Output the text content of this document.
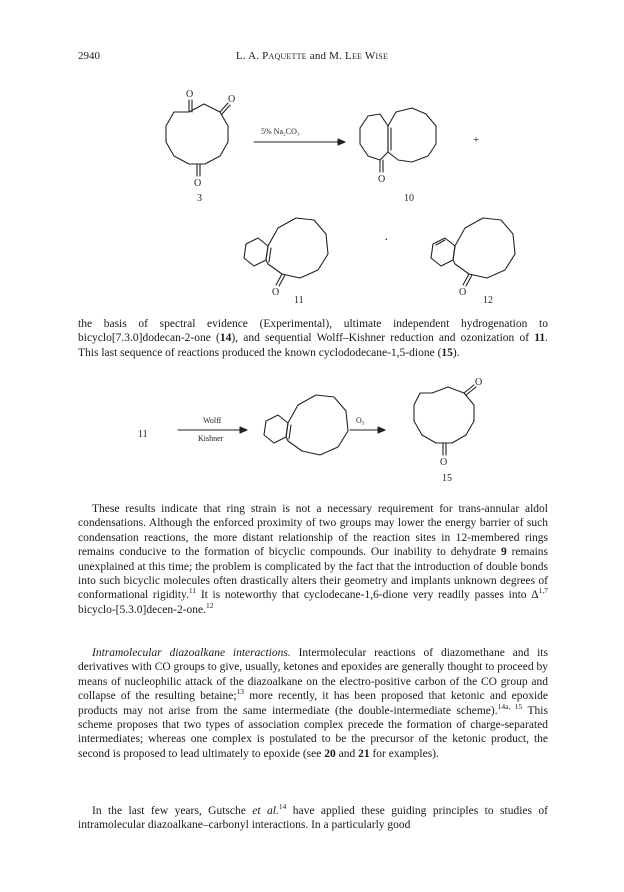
2940	L. A. Paquette and M. Lee Wise
O	O
O
3
5% Na₂CO₃
O
10
+
O
11
·
O
12

the basis of spectral evidence (Experimental), ultimate independent hydrogenation to bicyclo[7.3.0]dodecan-2-one (14), and sequential Wolff–Kishner reduction and ozonization of 11. This last sequence of reactions produced the known cyclododecane-1,5-dione (15).

11
Wolff
Kishner
O₃
O
O
15

These results indicate that ring strain is not a necessary requirement for trans-annular aldol condensations. Although the enforced proximity of two groups may lower the energy barrier of such condensation reactions, the more distant relationship of the reaction sites in 12-membered rings remains conducive to the formation of bicyclic compounds. Our inability to dehydrate 9 remains unexplained at this time; the problem is complicated by the fact that the introduction of double bonds into such bicyclic molecules often drastically alters their geometry and implants unknown degrees of conformational rigidity.$^{11}$ It is noteworthy that cyclodecane-1,6-dione very readily passes into Δ$^{1,7}$ bicyclo-[5.3.0]decen-2-one.$^{12}$

Intramolecular diazoalkane interactions. Intermolecular reactions of diazomethane and its derivatives with CO groups to give, usually, ketones and epoxides are generally thought to proceed by means of nucleophilic attack of the diazoalkane on the electro-positive carbon of the CO group and collapse of the resulting betaine;$^{13}$ more recently, it has been proposed that ketonic and epoxide products may not arise from the same intermediate (the double-intermediate scheme).$^{14a, 15}$ This scheme proposes that two types of association complex precede the formation of charge-separated intermediates; whereas one complex is postulated to be the precursor of the ketonic product, the second is proposed to lead ultimately to epoxide (see 20 and 21 for examples).

In the last few years, Gutsche et al.$^{14}$ have applied these guiding principles to studies of intramolecular diazoalkane–carbonyl interactions. In a particularly good
